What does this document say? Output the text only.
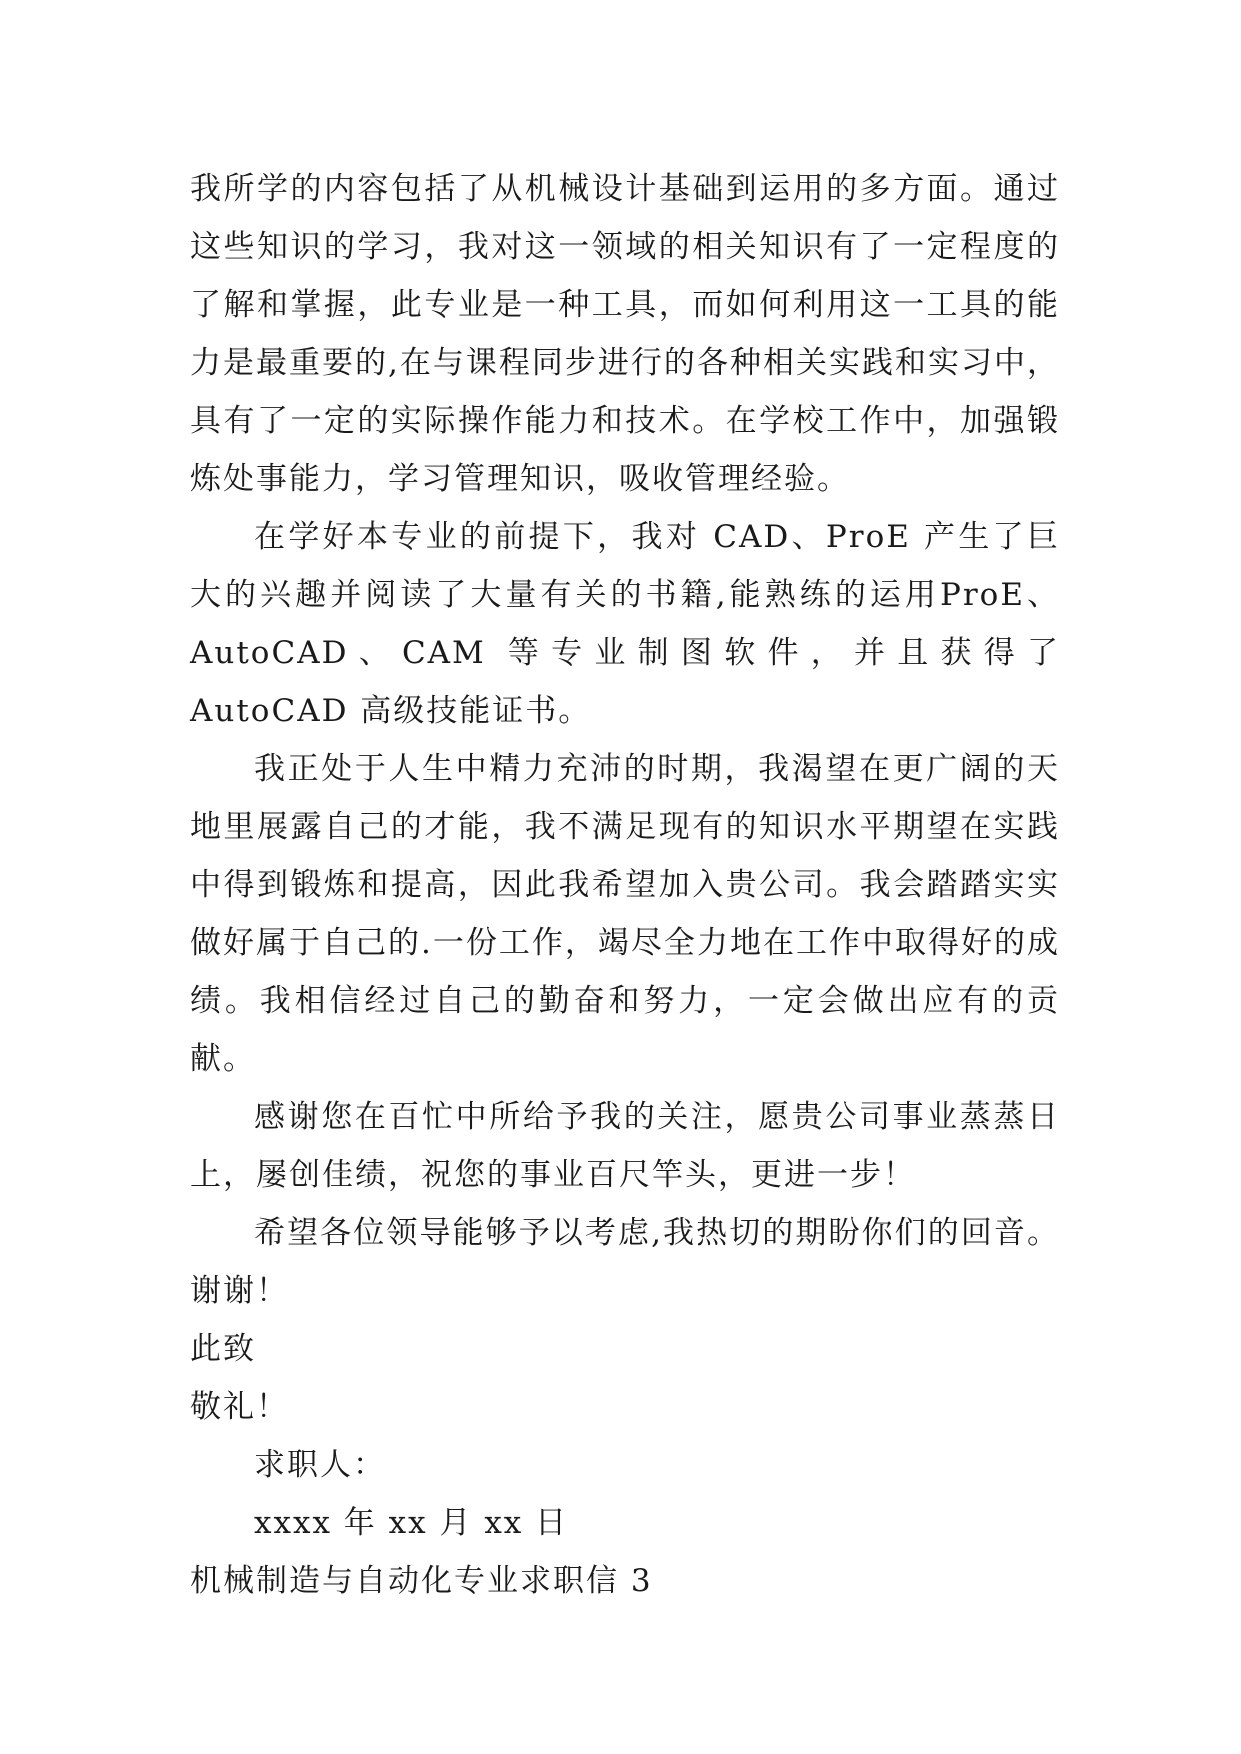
我所学的内容包括了从机械设计基础到运用的多方面。通过这些知识的学习，我对这一领域的相关知识有了一定程度的了解和掌握，此专业是一种工具，而如何利用这一工具的能力是最重要的,在与课程同步进行的各种相关实践和实习中，具有了一定的实际操作能力和技术。在学校工作中，加强锻炼处事能力，学习管理知识，吸收管理经验。

在学好本专业的前提下，我对 CAD、ProE 产生了巨大的兴趣并阅读了大量有关的书籍,能熟练的运用ProE、AutoCAD、CAM 等专业制图软件，并且获得了 AutoCAD 高级技能证书。

我正处于人生中精力充沛的时期，我渴望在更广阔的天地里展露自己的才能，我不满足现有的知识水平期望在实践中得到锻炼和提高，因此我希望加入贵公司。我会踏踏实实做好属于自己的.一份工作，竭尽全力地在工作中取得好的成绩。我相信经过自己的勤奋和努力，一定会做出应有的贡献。

感谢您在百忙中所给予我的关注，愿贵公司事业蒸蒸日上，屡创佳绩，祝您的事业百尺竿头，更进一步！

希望各位领导能够予以考虑,我热切的期盼你们的回音。谢谢！

此致

敬礼！

求职人：

xxxx 年 xx 月 xx 日

机械制造与自动化专业求职信 3
